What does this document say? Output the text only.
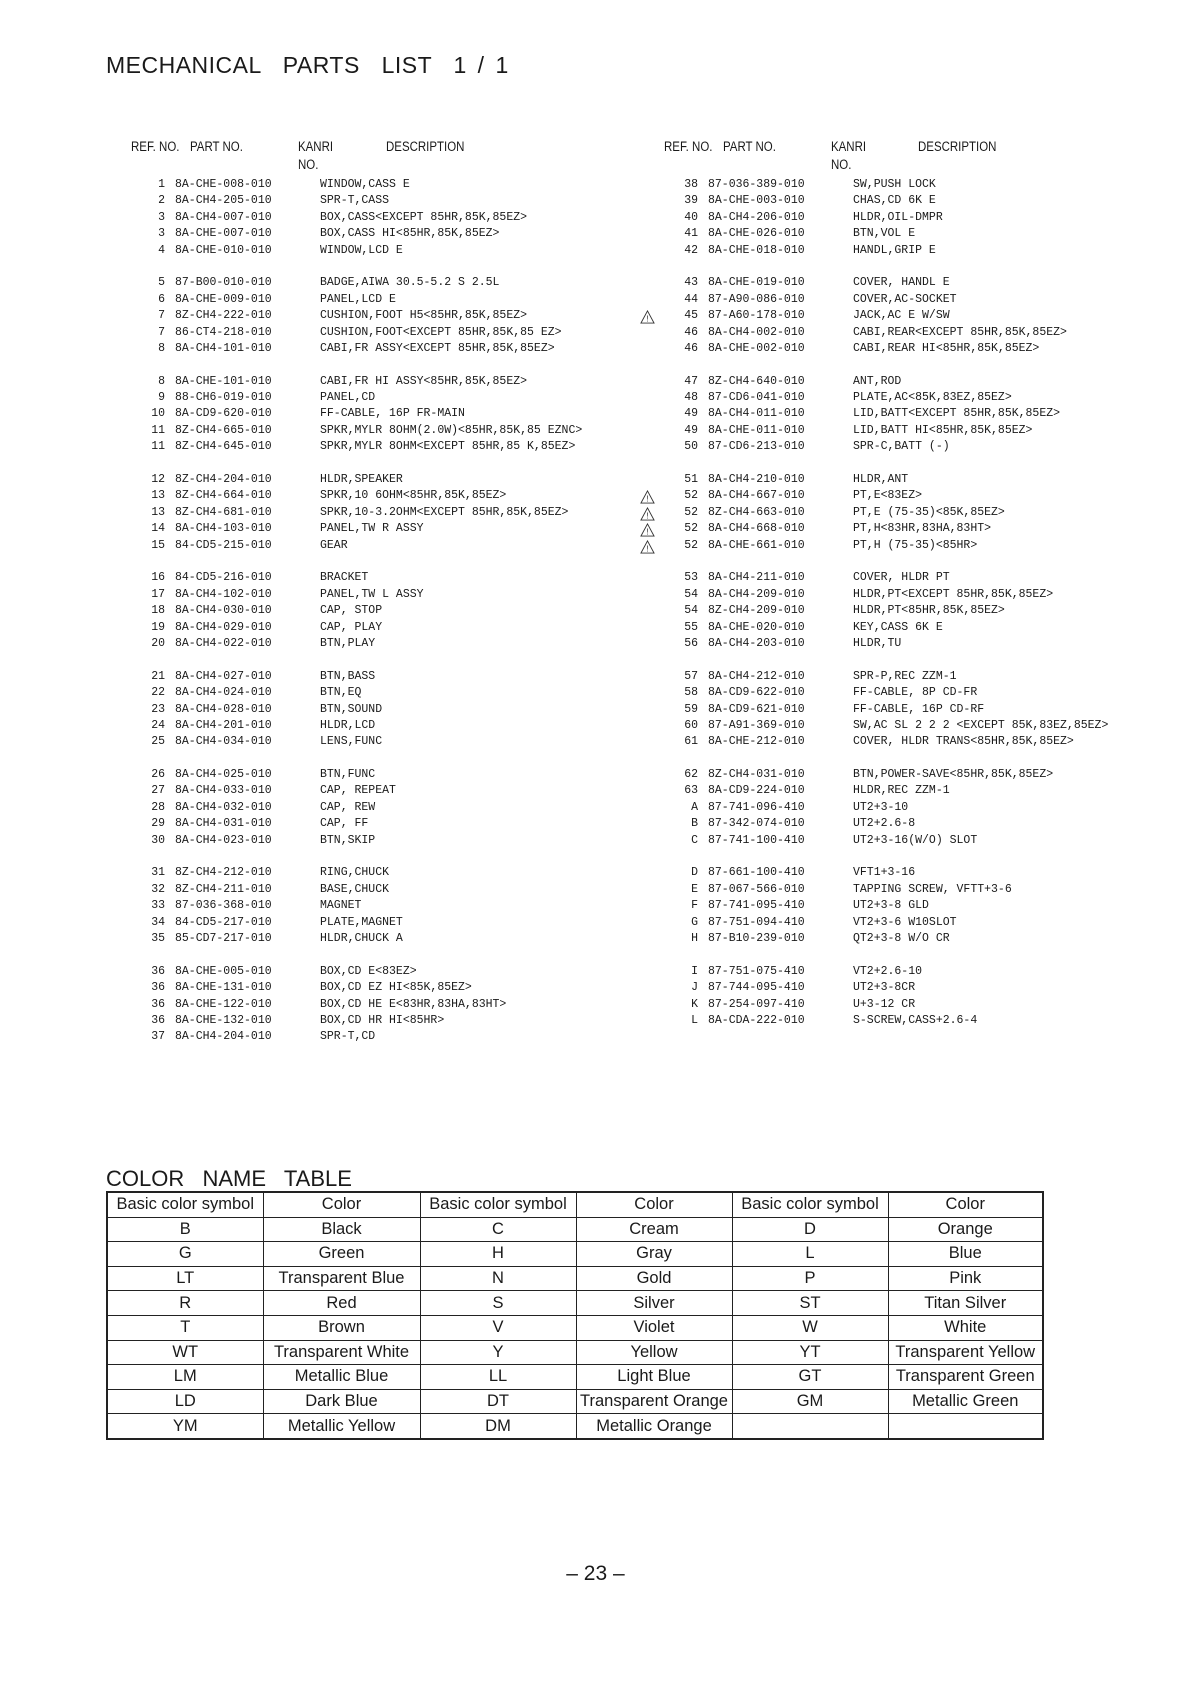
MECHANICAL  PARTS  LIST  1 / 1
REF. NO. PART NO.	KANRI
NO.
DESCRIPTION	REF. NO. PART NO.	KANRI
NO.
DESCRIPTION
1 8A-CHE-008-010	WINDOW,CASS E
2 8A-CH4-205-010	SPR-T,CASS
3 8A-CH4-007-010	BOX,CASS<EXCEPT 85HR,85K,85EZ>
3 8A-CHE-007-010	BOX,CASS HI<85HR,85K,85EZ>
4 8A-CHE-010-010	WINDOW,LCD E
5 87-B00-010-010	BADGE,AIWA 30.5-5.2 S 2.5L
6 8A-CHE-009-010	PANEL,LCD E
7 8Z-CH4-222-010	CUSHION,FOOT H5<85HR,85K,85EZ>
7 86-CT4-218-010	CUSHION,FOOT<EXCEPT 85HR,85K,85 EZ>
8 8A-CH4-101-010	CABI,FR ASSY<EXCEPT 85HR,85K,85EZ>
8 8A-CHE-101-010	CABI,FR HI ASSY<85HR,85K,85EZ>
9 88-CH6-019-010	PANEL,CD
10 8A-CD9-620-010	FF-CABLE, 16P FR-MAIN
11 8Z-CH4-665-010	SPKR,MYLR 8OHM(2.0W)<85HR,85K,85 EZNC>
11 8Z-CH4-645-010	SPKR,MYLR 8OHM<EXCEPT 85HR,85 K,85EZ>
12 8Z-CH4-204-010	HLDR,SPEAKER
13 8Z-CH4-664-010	SPKR,10 6OHM<85HR,85K,85EZ>
13 8Z-CH4-681-010	SPKR,10-3.2OHM<EXCEPT 85HR,85K,85EZ>
14 8A-CH4-103-010	PANEL,TW R ASSY
15 84-CD5-215-010	GEAR
16 84-CD5-216-010	BRACKET
17 8A-CH4-102-010	PANEL,TW L ASSY
18 8A-CH4-030-010	CAP, STOP
19 8A-CH4-029-010	CAP, PLAY
20 8A-CH4-022-010	BTN,PLAY
21 8A-CH4-027-010	BTN,BASS
22 8A-CH4-024-010	BTN,EQ
23 8A-CH4-028-010	BTN,SOUND
24 8A-CH4-201-010	HLDR,LCD
25 8A-CH4-034-010	LENS,FUNC
26 8A-CH4-025-010	BTN,FUNC
27 8A-CH4-033-010	CAP, REPEAT
28 8A-CH4-032-010	CAP, REW
29 8A-CH4-031-010	CAP, FF
30 8A-CH4-023-010	BTN,SKIP
31 8Z-CH4-212-010	RING,CHUCK
32 8Z-CH4-211-010	BASE,CHUCK
33 87-036-368-010	MAGNET
34 84-CD5-217-010	PLATE,MAGNET
35 85-CD7-217-010	HLDR,CHUCK A
36 8A-CHE-005-010	BOX,CD E<83EZ>
36 8A-CHE-131-010	BOX,CD EZ HI<85K,85EZ>
36 8A-CHE-122-010	BOX,CD HE E<83HR,83HA,83HT>
36 8A-CHE-132-010	BOX,CD HR HI<85HR>
37 8A-CH4-204-010	SPR-T,CD
38 87-036-389-010	SW,PUSH LOCK
39 8A-CHE-003-010	CHAS,CD 6K E
40 8A-CH4-206-010	HLDR,OIL-DMPR
41 8A-CHE-026-010	BTN,VOL E
42 8A-CHE-018-010	HANDL,GRIP E
43 8A-CHE-019-010	COVER, HANDL E
44 87-A90-086-010	COVER,AC-SOCKET
45 87-A60-178-010	JACK,AC E W/SW
!
46 8A-CH4-002-010	CABI,REAR<EXCEPT 85HR,85K,85EZ>
46 8A-CHE-002-010	CABI,REAR HI<85HR,85K,85EZ>
47 8Z-CH4-640-010	ANT,ROD
48 87-CD6-041-010	PLATE,AC<85K,83EZ,85EZ>
49 8A-CH4-011-010	LID,BATT<EXCEPT 85HR,85K,85EZ>
49 8A-CHE-011-010	LID,BATT HI<85HR,85K,85EZ>
50 87-CD6-213-010	SPR-C,BATT (-)
51 8A-CH4-210-010	HLDR,ANT
52 8A-CH4-667-010	PT,E<83EZ>
!
52 8Z-CH4-663-010	PT,E (75-35)<85K,85EZ>
!
52 8A-CH4-668-010	PT,H<83HR,83HA,83HT>
!
52 8A-CHE-661-010	PT,H (75-35)<85HR>
!
53 8A-CH4-211-010	COVER, HLDR PT
54 8A-CH4-209-010	HLDR,PT<EXCEPT 85HR,85K,85EZ>
54 8Z-CH4-209-010	HLDR,PT<85HR,85K,85EZ>
55 8A-CHE-020-010	KEY,CASS 6K E
56 8A-CH4-203-010	HLDR,TU
57 8A-CH4-212-010	SPR-P,REC ZZM-1
58 8A-CD9-622-010	FF-CABLE, 8P CD-FR
59 8A-CD9-621-010	FF-CABLE, 16P CD-RF
60 87-A91-369-010	SW,AC SL 2 2 2 <EXCEPT 85K,83EZ,85EZ>
61 8A-CHE-212-010	COVER, HLDR TRANS<85HR,85K,85EZ>
62 8Z-CH4-031-010	BTN,POWER-SAVE<85HR,85K,85EZ>
63 8A-CD9-224-010	HLDR,REC ZZM-1
A 87-741-096-410	UT2+3-10
B 87-342-074-010	UT2+2.6-8
C 87-741-100-410	UT2+3-16(W/O) SLOT
D 87-661-100-410	VFT1+3-16
E 87-067-566-010	TAPPING SCREW, VFTT+3-6
F 87-741-095-410	UT2+3-8 GLD
G 87-751-094-410	VT2+3-6 W10SLOT
H 87-B10-239-010	QT2+3-8 W/O CR
I 87-751-075-410	VT2+2.6-10
J 87-744-095-410	UT2+3-8CR
K 87-254-097-410	U+3-12 CR
L 8A-CDA-222-010	S-SCREW,CASS+2.6-4
COLOR  NAME  TABLE
Basic color symbol	Color	Basic color symbol	Color	Basic color symbol	Color
B	Black	C	Cream	D	Orange
G	Green	H	Gray	L	Blue
LT	Transparent Blue	N	Gold	P	Pink
R	Red	S	Silver	ST	Titan Silver
T	Brown	V	Violet	W	White
WT	Transparent White	Y	Yellow	YT	Transparent Yellow
LM	Metallic Blue	LL	Light Blue	GT	Transparent Green
LD	Dark Blue	DT	Transparent Orange	GM	Metallic Green
YM	Metallic Yellow	DM	Metallic Orange		
– 23 –
